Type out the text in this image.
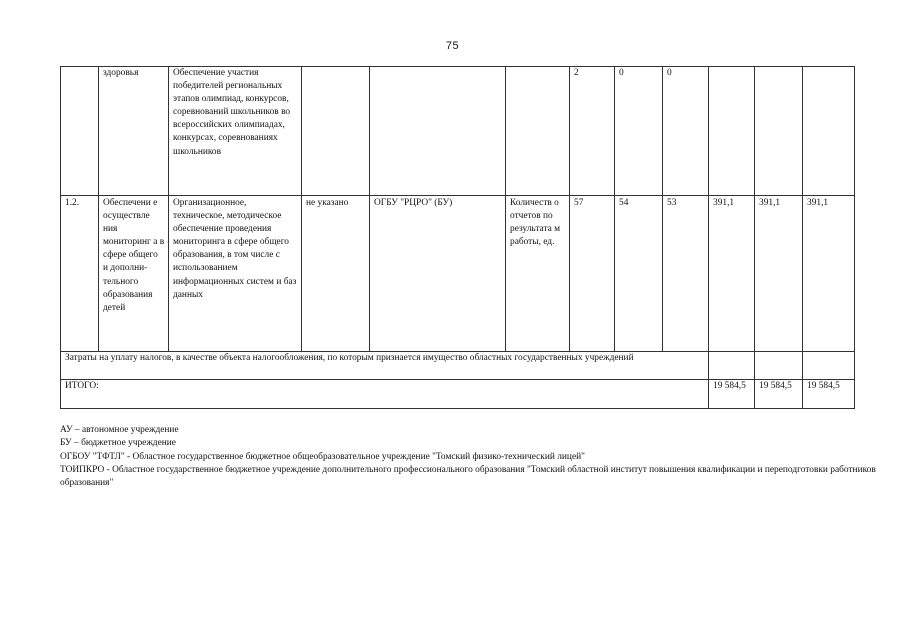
75
	здоровья	Обеспечение участия победителей региональных этапов олимпиад, конкурсов, соревнований школьников во всероссийских олимпиадах, конкурсах, соревнованиях школьников				2	0	0			
1.2.	Обеспечени е осуществле ния мониторинг а в сфере общего и дополни- тельного образования детей	Организационное, техническое, методическое обеспечение проведения мониторинга в сфере общего образования, в том числе с использованием информационных систем и баз данных	не указано	ОГБУ "РЦРО" (БУ)	Количеств о отчетов по результата м работы, ед.	57	54	53	391,1	391,1	391,1
Затраты на уплату налогов, в качестве объекта налогообложения, по которым признается имущество областных государственных учреждений											
ИТОГО:									19 584,5	19 584,5	19 584,5
АУ – автономное учреждение
БУ – бюджетное учреждение
ОГБОУ "ТФТЛ" - Областное государственное бюджетное общеобразовательное учреждение "Томский физико-технический лицей"
ТОИПКРО - Областное государственное бюджетное учреждение дополнительного профессионального образования "Томский областной институт повышения квалификации и переподготовки работников образования"
